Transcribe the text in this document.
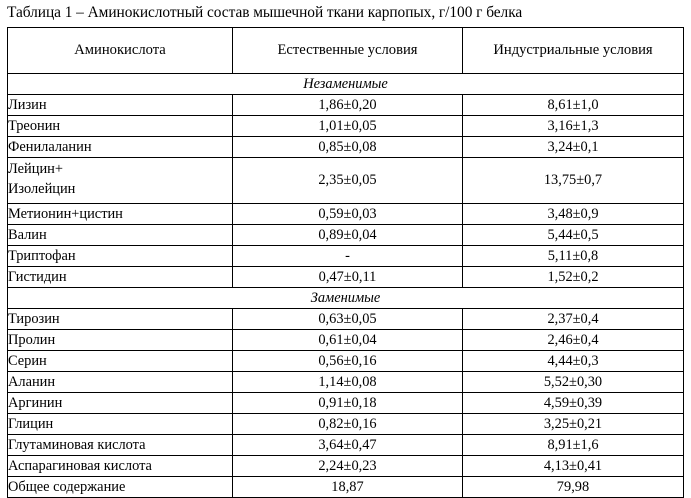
Таблица 1 – Аминокислотный состав мышечной ткани карпопых, г/100 г белка
Аминокислота	Естественные условия	Индустриальные условия
Незаменимые		
Лизин	1,86±0,20	8,61±1,0
Треонин	1,01±0,05	3,16±1,3
Фенилаланин	0,85±0,08	3,24±0,1

Лейцин+
Изолейцин	2,35±0,05	13,75±0,7
Метионин+цистин	0,59±0,03	3,48±0,9
Валин	0,89±0,04	5,44±0,5
Триптофан	-	5,11±0,8
Гистидин	0,47±0,11	1,52±0,2
Заменимые		
Тирозин	0,63±0,05	2,37±0,4
Пролин	0,61±0,04	2,46±0,4
Серин	0,56±0,16	4,44±0,3
Аланин	1,14±0,08	5,52±0,30
Аргинин	0,91±0,18	4,59±0,39
Глицин	0,82±0,16	3,25±0,21
Глутаминовая кислота	3,64±0,47	8,91±1,6
Аспарагиновая кислота	2,24±0,23	4,13±0,41
Общее содержание	18,87	79,98
